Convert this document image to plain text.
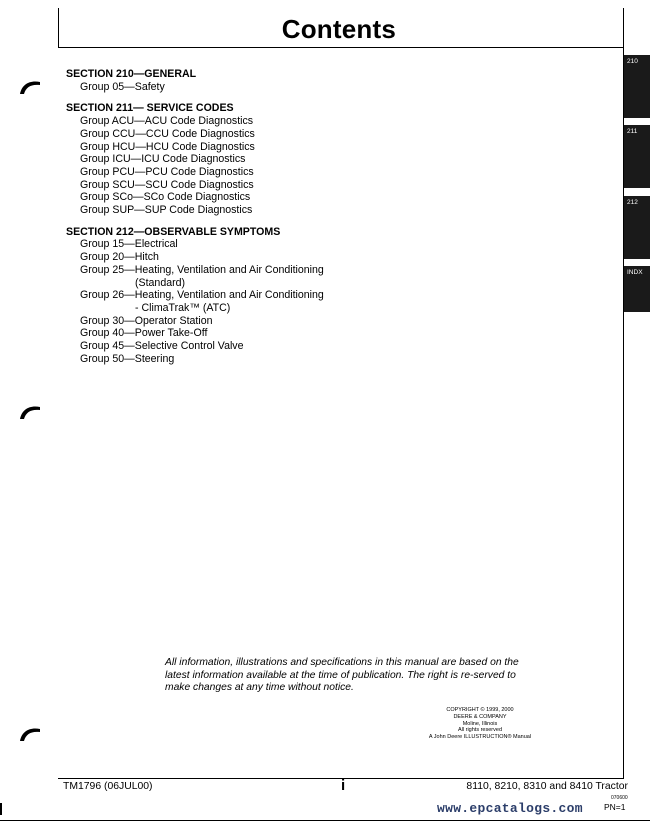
Contents
SECTION 210—GENERAL
Group 05—Safety
SECTION 211— SERVICE CODES
Group ACU—ACU Code Diagnostics
Group CCU—CCU Code Diagnostics
Group HCU—HCU Code Diagnostics
Group ICU—ICU Code Diagnostics
Group PCU—PCU Code Diagnostics
Group SCU—SCU Code Diagnostics
Group SCo—SCo Code Diagnostics
Group SUP—SUP Code Diagnostics
SECTION 212—OBSERVABLE SYMPTOMS
Group 15—Electrical
Group 20—Hitch
Group 25—Heating, Ventilation and Air Conditioning
(Standard)
Group 26—Heating, Ventilation and Air Conditioning
- ClimaTrak™ (ATC)
Group 30—Operator Station
Group 40—Power Take-Off
Group 45—Selective Control Valve
Group 50—Steering
210
211
212
INDX
All information, illustrations and specifications in this manual are based on the latest information available at the time of publication. The right is re-served to make changes at any time without notice.
COPYRIGHT © 1999, 2000
DEERE & COMPANY
Moline, Illinois
All rights reserved
A John Deere ILLUSTRUCTION® Manual
TM1796 (06JUL00)	i	8110, 8210, 8310 and 8410 Tractor
070600
PN=1
www.epcatalogs.com
